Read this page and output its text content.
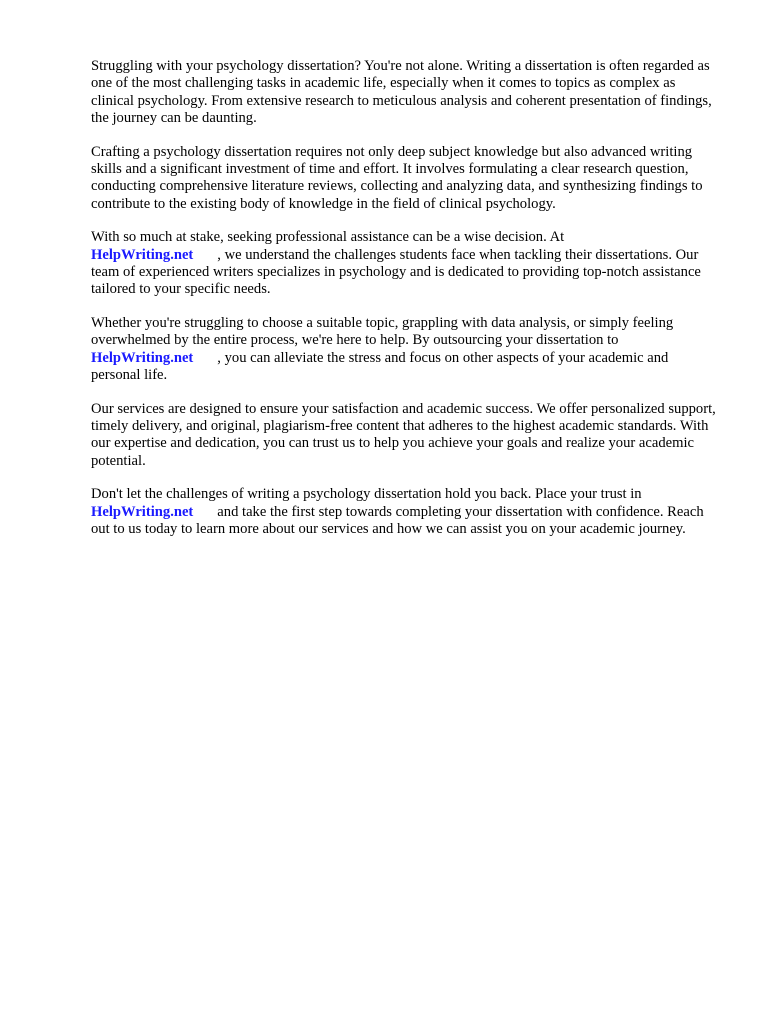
Struggling with your psychology dissertation? You're not alone. Writing a dissertation is often regarded as one of the most challenging tasks in academic life, especially when it comes to topics as complex as clinical psychology. From extensive research to meticulous analysis and coherent presentation of findings, the journey can be daunting.

Crafting a psychology dissertation requires not only deep subject knowledge but also advanced writing skills and a significant investment of time and effort. It involves formulating a clear research question, conducting comprehensive literature reviews, collecting and analyzing data, and synthesizing findings to contribute to the existing body of knowledge in the field of clinical psychology.

With so much at stake, seeking professional assistance can be a wise decision. At
HelpWriting.net , we understand the challenges students face when tackling their dissertations. Our team of experienced writers specializes in psychology and is dedicated to providing top-notch assistance tailored to your specific needs.

Whether you're struggling to choose a suitable topic, grappling with data analysis, or simply feeling overwhelmed by the entire process, we're here to help. By outsourcing your dissertation to
HelpWriting.net , you can alleviate the stress and focus on other aspects of your academic and personal life.

Our services are designed to ensure your satisfaction and academic success. We offer personalized support, timely delivery, and original, plagiarism-free content that adheres to the highest academic standards. With our expertise and dedication, you can trust us to help you achieve your goals and realize your academic potential.

Don't let the challenges of writing a psychology dissertation hold you back. Place your trust in
HelpWriting.net and take the first step towards completing your dissertation with confidence. Reach out to us today to learn more about our services and how we can assist you on your academic journey.
